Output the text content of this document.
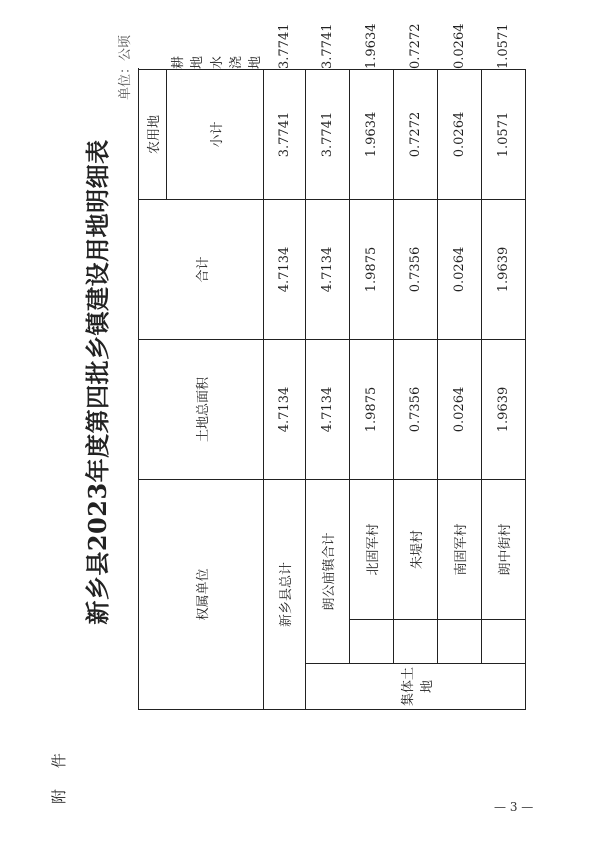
附 件
新乡县2023年度第四批乡镇建设用地明细表
单位：公顷
权属单位			土地总面积	合计	农用地	
					小计	耕地
						水浇地
新乡县总计			4.7134	4.7134	3.7741	3.7741
集体土地	朗公庙镇合计		4.7134	4.7134	3.7741	3.7741
		北固军村	1.9875	1.9875	1.9634	1.9634
		朱堤村	0.7356	0.7356	0.7272	0.7272
		南固军村	0.0264	0.0264	0.0264	0.0264
		朗中街村	1.9639	1.9639	1.0571	1.0571
— 3 —
